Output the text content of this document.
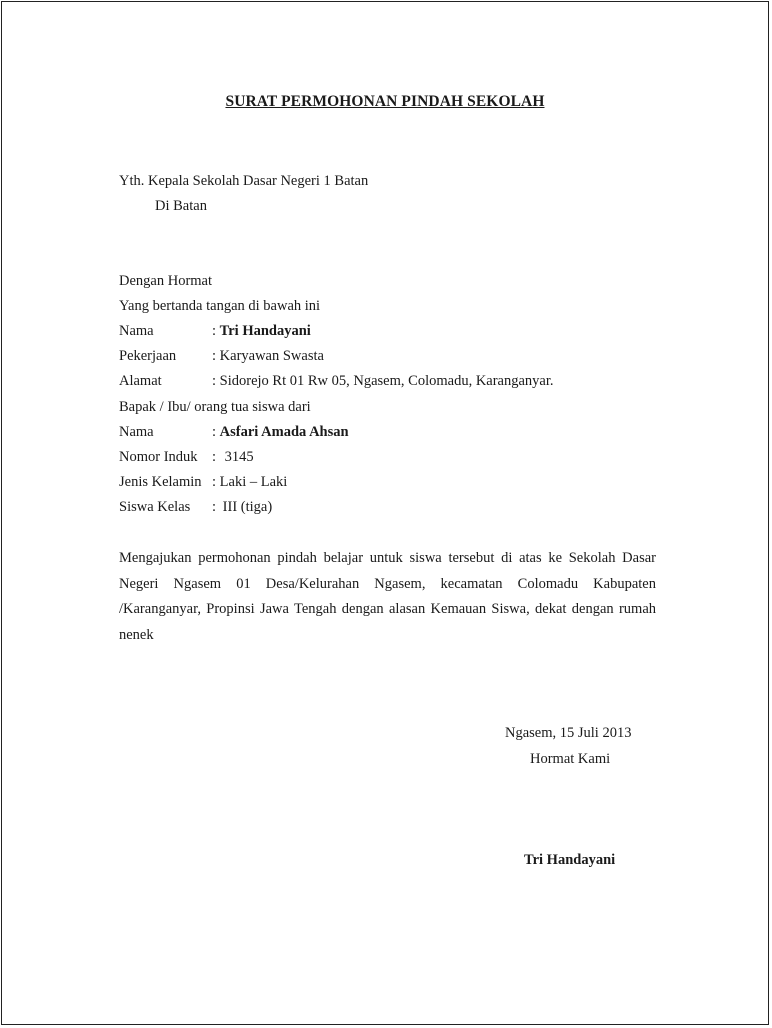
SURAT PERMOHONAN PINDAH SEKOLAH
Yth. Kepala Sekolah Dasar Negeri 1 Batan
Di Batan
Dengan Hormat
Yang bertanda tangan di bawah ini
Nama	: Tri Handayani
Pekerjaan : Karyawan Swasta
Alamat	: Sidorejo Rt 01 Rw 05, Ngasem, Colomadu, Karanganyar.
Bapak / Ibu/ orang tua siswa dari
Nama	: Asfari Amada Ahsan
Nomor Induk : 3145
Jenis Kelamin : Laki – Laki
Siswa Kelas : III (tiga)
Mengajukan permohonan pindah belajar untuk siswa tersebut di atas ke Sekolah Dasar Negeri Ngasem 01 Desa/Kelurahan Ngasem, kecamatan Colomadu Kabupaten /Karanganyar, Propinsi Jawa Tengah dengan alasan Kemauan Siswa, dekat dengan rumah nenek
Ngasem, 15 Juli 2013
Hormat Kami
Tri Handayani
